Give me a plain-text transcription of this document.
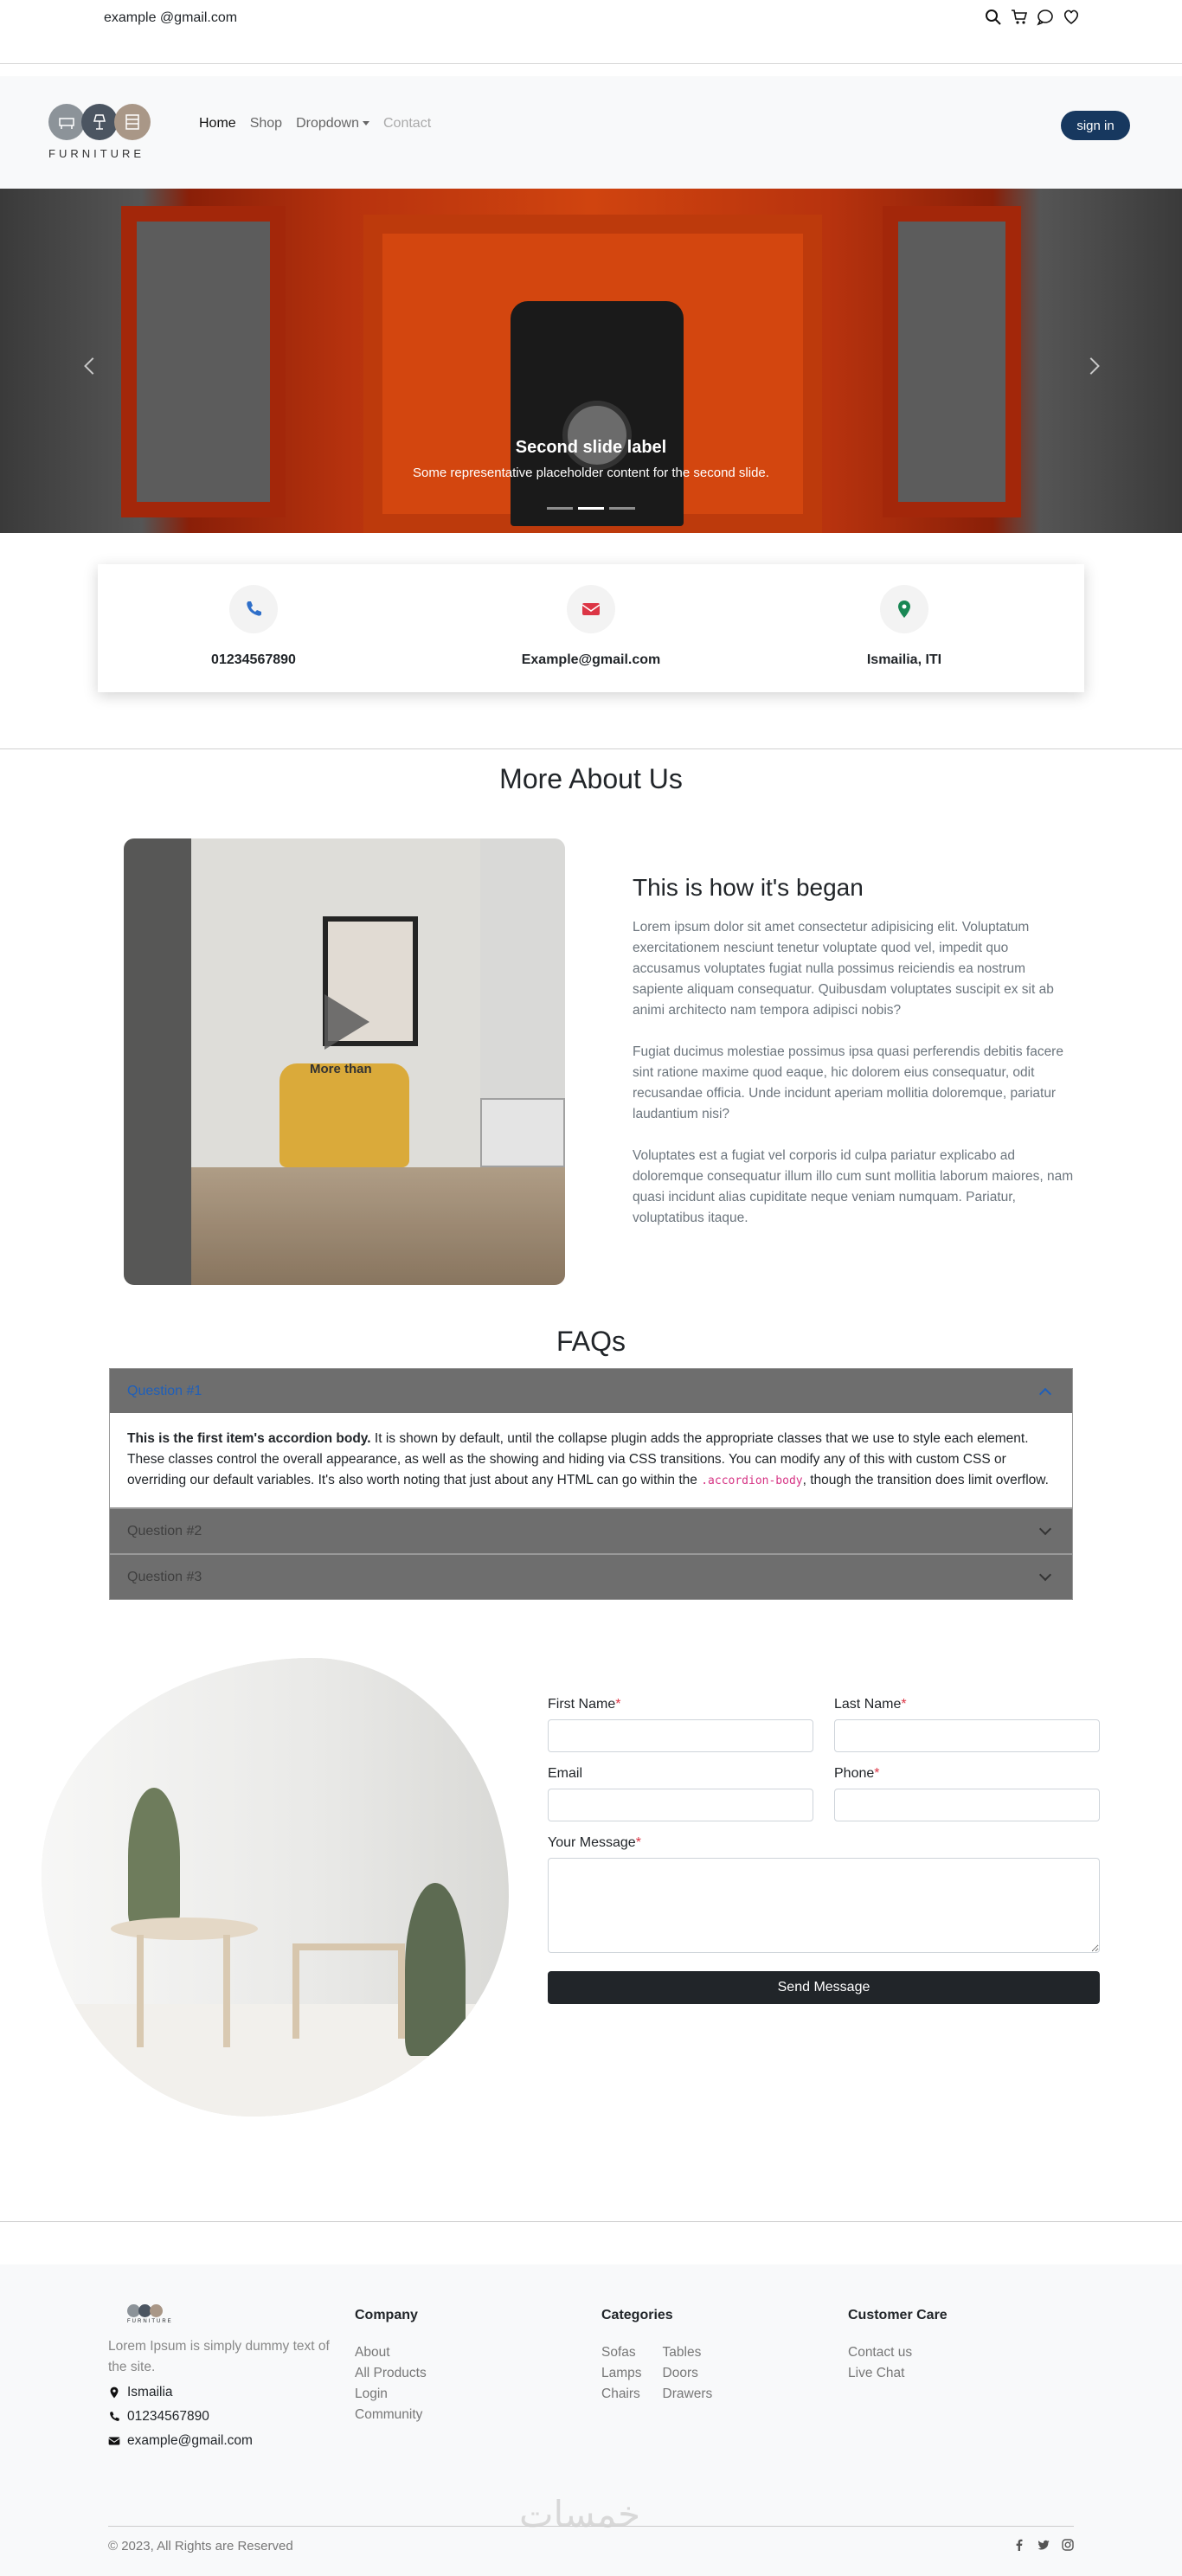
example @gmail.com
FURNITURE
Home Shop Dropdown	Contact	sign in
Second slide label

Some representative placeholder content for the second slide.

01234567890	Example@gmail.com	Ismailia, ITI
More About Us
More than
This is how it's began

Lorem ipsum dolor sit amet consectetur adipisicing elit. Voluptatum exercitationem nesciunt tenetur voluptate quod vel, impedit quo accusamus voluptates fugiat nulla possimus reiciendis ea nostrum sapiente aliquam consequatur. Quibusdam voluptates suscipit ex sit ab animi architecto nam tempora adipisci nobis?

Fugiat ducimus molestiae possimus ipsa quasi perferendis debitis facere sint ratione maxime quod eaque, hic dolorem eius consequatur, odit recusandae officia. Unde incidunt aperiam mollitia doloremque, pariatur laudantium nisi?

Voluptates est a fugiat vel corporis id culpa pariatur explicabo ad doloremque consequatur illum illo cum sunt mollitia laborum maiores, nam quasi incidunt alias cupiditate neque veniam numquam. Pariatur, voluptatibus itaque.

FAQs
Question #1
This is the first item's accordion body. It is shown by default, until the collapse plugin adds the appropriate classes that we use to style each element. These classes control the overall appearance, as well as the showing and hiding via CSS transitions. You can modify any of this with custom CSS or overriding our default variables. It's also worth noting that just about any HTML can go within the .accordion-body, though the transition does limit overflow.
Question #2
Question #3
First Name*	Last Name*
Email	Phone*
Your Message*
Send Message
FURNITURE

Lorem Ipsum is simply dummy text of the site.

Ismailia
01234567890
example@gmail.com
Company
About
All Products
Login
Community
Categories
Sofas
Lamps
Chairs
Tables
Doors
Drawers
Customer Care
Contact us
Live Chat
خمسات
© 2023, All Rights are Reserved
